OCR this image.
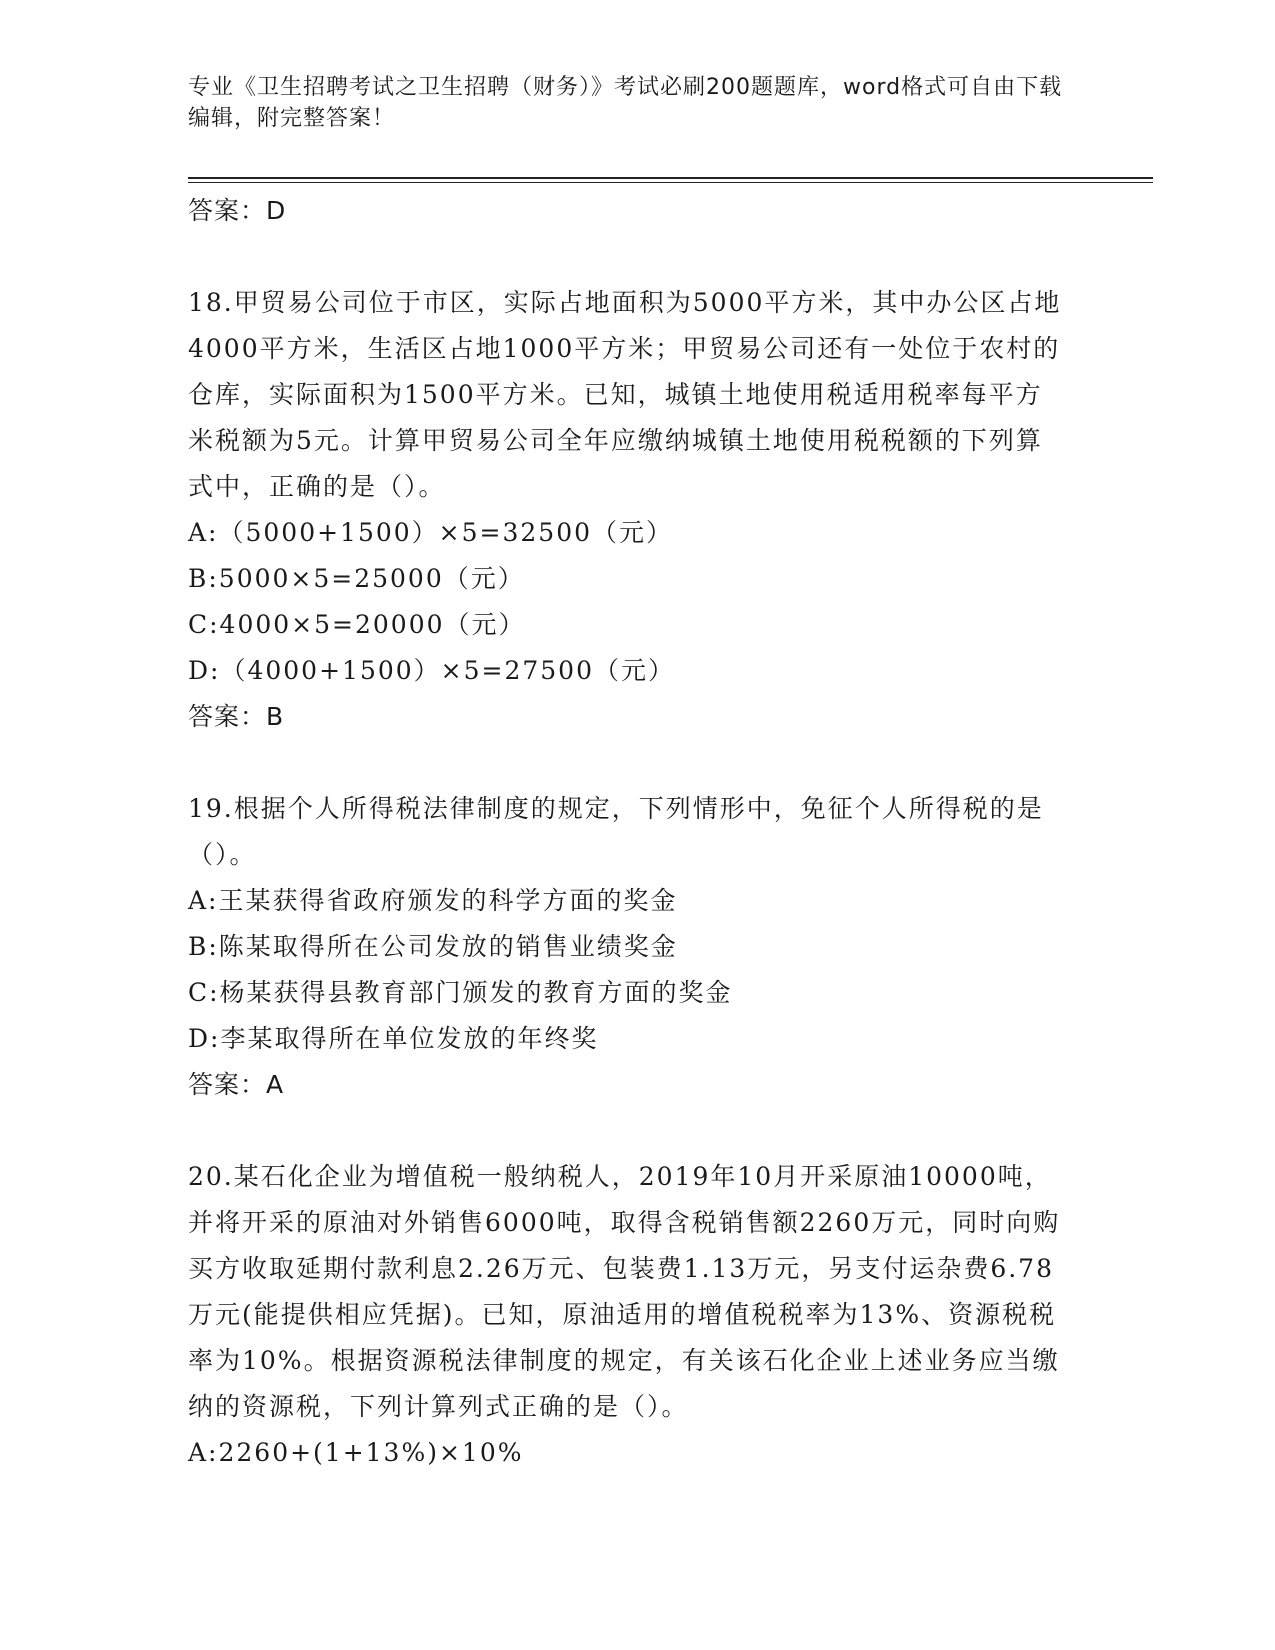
专业《卫生招聘考试之卫生招聘（财务）》考试必刷200题题库，word格式可自由下载编辑，附完整答案！
答案：D

18.甲贸易公司位于市区，实际占地面积为5000平方米，其中办公区占地4000平方米，生活区占地1000平方米；甲贸易公司还有一处位于农村的仓库，实际面积为1500平方米。已知，城镇土地使用税适用税率每平方米税额为5元。计算甲贸易公司全年应缴纳城镇土地使用税税额的下列算式中，正确的是（）。

A:（5000+1500）×5=32500（元）
B:5000×5=25000（元）
C:4000×5=20000（元）
D:（4000+1500）×5=27500（元）
答案：B

19.根据个人所得税法律制度的规定，下列情形中，免征个人所得税的是（）。

A:王某获得省政府颁发的科学方面的奖金
B:陈某取得所在公司发放的销售业绩奖金
C:杨某获得县教育部门颁发的教育方面的奖金
D:李某取得所在单位发放的年终奖
答案：A

20.某石化企业为增值税一般纳税人，2019年10月开采原油10000吨，并将开采的原油对外销售6000吨，取得含税销售额2260万元，同时向购买方收取延期付款利息2.26万元、包装费1.13万元，另支付运杂费6.78万元(能提供相应凭据)。已知，原油适用的增值税税率为13%、资源税税率为10%。根据资源税法律制度的规定，有关该石化企业上述业务应当缴纳的资源税，下列计算列式正确的是（）。

A:2260+(1+13%)×10%
